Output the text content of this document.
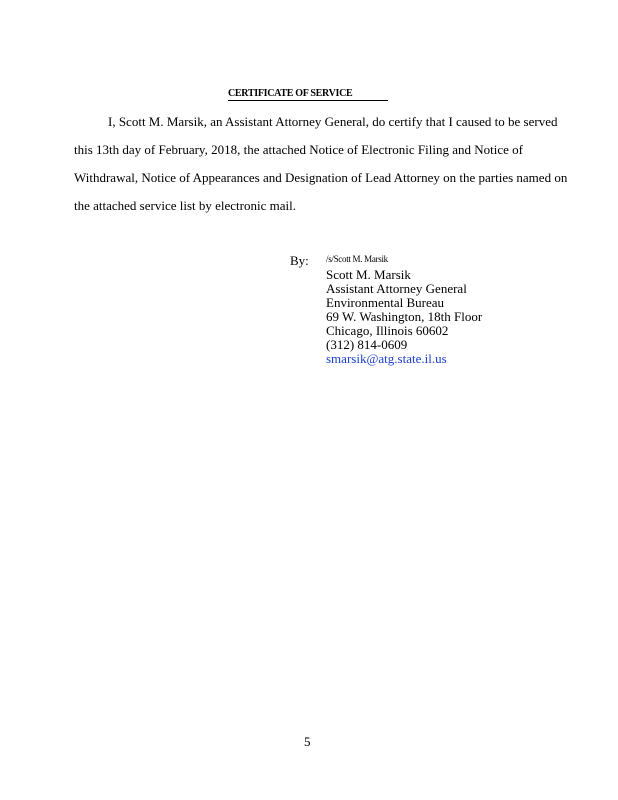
CERTIFICATE OF SERVICE
I, Scott M. Marsik, an Assistant Attorney General, do certify that I caused to be served
this 13th day of February, 2018, the attached Notice of Electronic Filing and Notice of
Withdrawal, Notice of Appearances and Designation of Lead Attorney on the parties named on
the attached service list by electronic mail.
By: /s/Scott M. Marsik
Scott M. Marsik
Assistant Attorney General
Environmental Bureau
69 W. Washington, 18th Floor
Chicago, Illinois 60602
(312) 814-0609
smarsik@atg.state.il.us
5
